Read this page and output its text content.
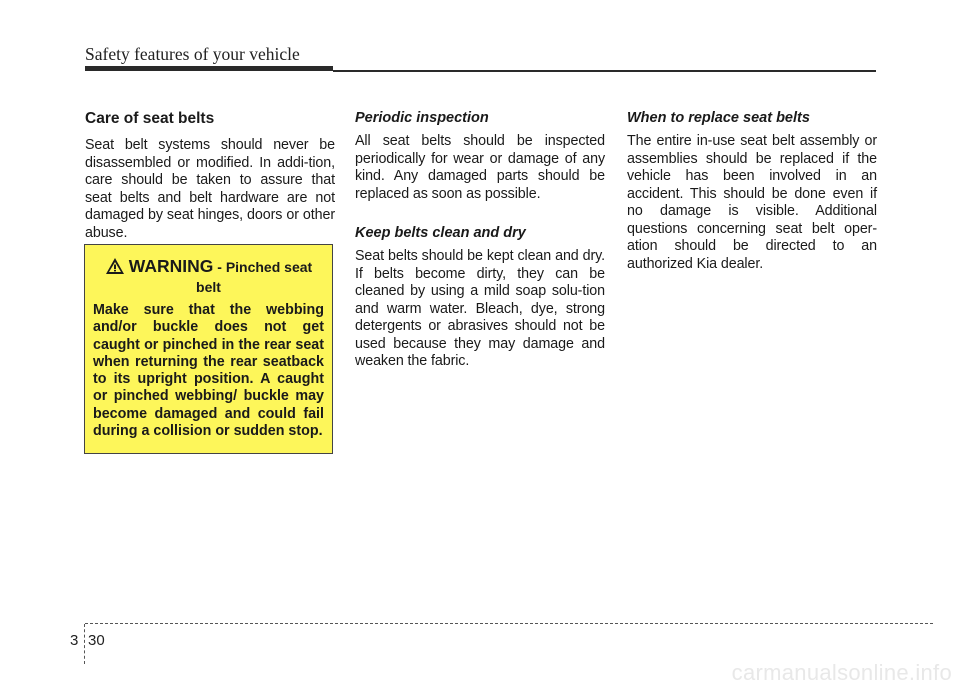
Safety features of your vehicle
Care of seat belts

Seat belt systems should never be disassembled or modified. In addi-tion, care should be taken to assure that seat belts and belt hardware are not damaged by seat hinges, doors or other abuse.

WARNING - Pinched seat belt

Make sure that the webbing and/or buckle does not get caught or pinched in the rear seat when returning the rear seatback to its upright position. A caught or pinched webbing/ buckle may become damaged and could fail during a collision or sudden stop.

Periodic inspection

All seat belts should be inspected periodically for wear or damage of any kind. Any damaged parts should be replaced as soon as possible.

Keep belts clean and dry

Seat belts should be kept clean and dry. If belts become dirty, they can be cleaned by using a mild soap solu-tion and warm water. Bleach, dye, strong detergents or abrasives should not be used because they may damage and weaken the fabric.

When to replace seat belts

The entire in-use seat belt assembly or assemblies should be replaced if the vehicle has been involved in an accident. This should be done even if no damage is visible. Additional questions concerning seat belt oper-ation should be directed to an authorized Kia dealer.

3 30
carmanualsonline.info
